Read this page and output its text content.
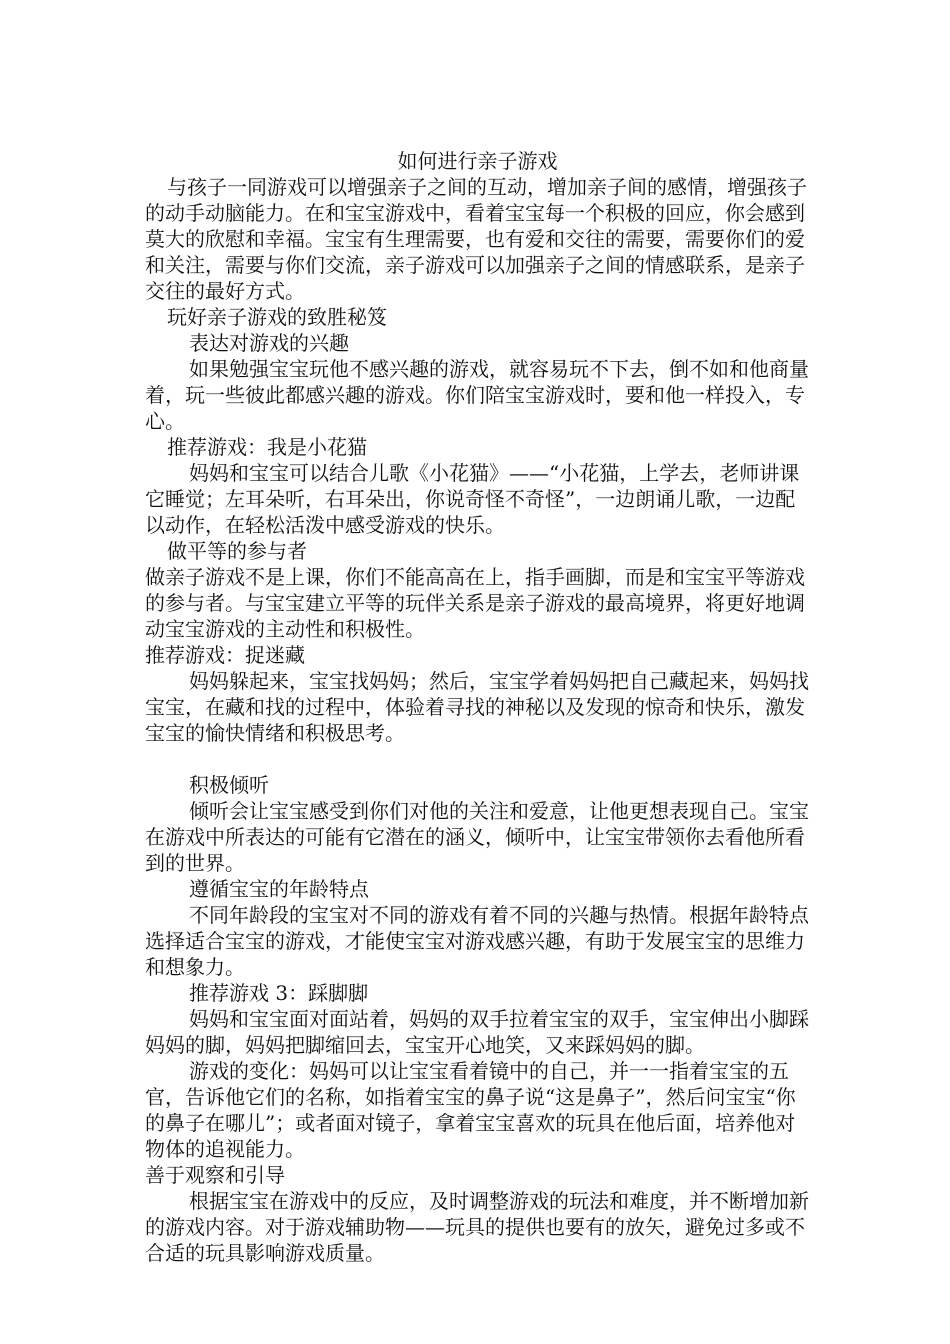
如何进行亲子游戏

与孩子一同游戏可以增强亲子之间的互动，增加亲子间的感情，增强孩子的动手动脑能力。在和宝宝游戏中，看着宝宝每一个积极的回应，你会感到莫大的欣慰和幸福。宝宝有生理需要，也有爱和交往的需要，需要你们的爱和关注，需要与你们交流，亲子游戏可以加强亲子之间的情感联系，是亲子交往的最好方式。

玩好亲子游戏的致胜秘笈

表达对游戏的兴趣

如果勉强宝宝玩他不感兴趣的游戏，就容易玩不下去，倒不如和他商量着，玩一些彼此都感兴趣的游戏。你们陪宝宝游戏时，要和他一样投入，专心。

推荐游戏：我是小花猫

妈妈和宝宝可以结合儿歌《小花猫》——“小花猫，上学去，老师讲课它睡觉；左耳朵听，右耳朵出，你说奇怪不奇怪”，一边朗诵儿歌，一边配以动作，在轻松活泼中感受游戏的快乐。

做平等的参与者

做亲子游戏不是上课，你们不能高高在上，指手画脚，而是和宝宝平等游戏的参与者。与宝宝建立平等的玩伴关系是亲子游戏的最高境界，将更好地调动宝宝游戏的主动性和积极性。

推荐游戏：捉迷藏

妈妈躲起来，宝宝找妈妈；然后，宝宝学着妈妈把自己藏起来，妈妈找宝宝，在藏和找的过程中，体验着寻找的神秘以及发现的惊奇和快乐，激发宝宝的愉快情绪和积极思考。

积极倾听

倾听会让宝宝感受到你们对他的关注和爱意，让他更想表现自己。宝宝在游戏中所表达的可能有它潜在的涵义，倾听中，让宝宝带领你去看他所看到的世界。

遵循宝宝的年龄特点

不同年龄段的宝宝对不同的游戏有着不同的兴趣与热情。根据年龄特点选择适合宝宝的游戏，才能使宝宝对游戏感兴趣，有助于发展宝宝的思维力和想象力。

推荐游戏 3：踩脚脚

妈妈和宝宝面对面站着，妈妈的双手拉着宝宝的双手，宝宝伸出小脚踩妈妈的脚，妈妈把脚缩回去，宝宝开心地笑，又来踩妈妈的脚。

游戏的变化：妈妈可以让宝宝看着镜中的自己，并一一指着宝宝的五官，告诉他它们的名称，如指着宝宝的鼻子说“这是鼻子”，然后问宝宝“你的鼻子在哪儿”；或者面对镜子，拿着宝宝喜欢的玩具在他后面，培养他对物体的追视能力。

善于观察和引导

根据宝宝在游戏中的反应，及时调整游戏的玩法和难度，并不断增加新的游戏内容。对于游戏辅助物——玩具的提供也要有的放矢，避免过多或不合适的玩具影响游戏质量。
